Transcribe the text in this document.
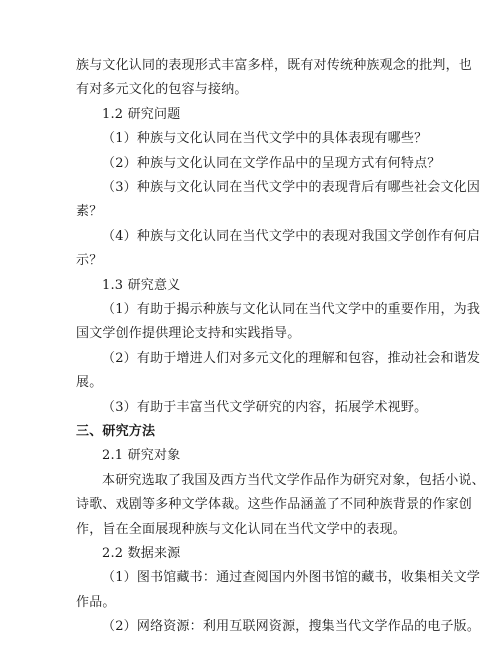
族与文化认同的表现形式丰富多样，既有对传统种族观念的批判，也
有对多元文化的包容与接纳。
1.2 研究问题
（1）种族与文化认同在当代文学中的具体表现有哪些？
（2）种族与文化认同在文学作品中的呈现方式有何特点？
（3）种族与文化认同在当代文学中的表现背后有哪些社会文化因
素？
（4）种族与文化认同在当代文学中的表现对我国文学创作有何启
示？
1.3 研究意义
（1）有助于揭示种族与文化认同在当代文学中的重要作用，为我
国文学创作提供理论支持和实践指导。
（2）有助于增进人们对多元文化的理解和包容，推动社会和谐发
展。
（3）有助于丰富当代文学研究的内容，拓展学术视野。
三、研究方法
2.1 研究对象
本研究选取了我国及西方当代文学作品作为研究对象，包括小说、
诗歌、戏剧等多种文学体裁。这些作品涵盖了不同种族背景的作家创
作，旨在全面展现种族与文化认同在当代文学中的表现。
2.2 数据来源
（1）图书馆藏书：通过查阅国内外图书馆的藏书，收集相关文学
作品。
（2）网络资源：利用互联网资源，搜集当代文学作品的电子版。
